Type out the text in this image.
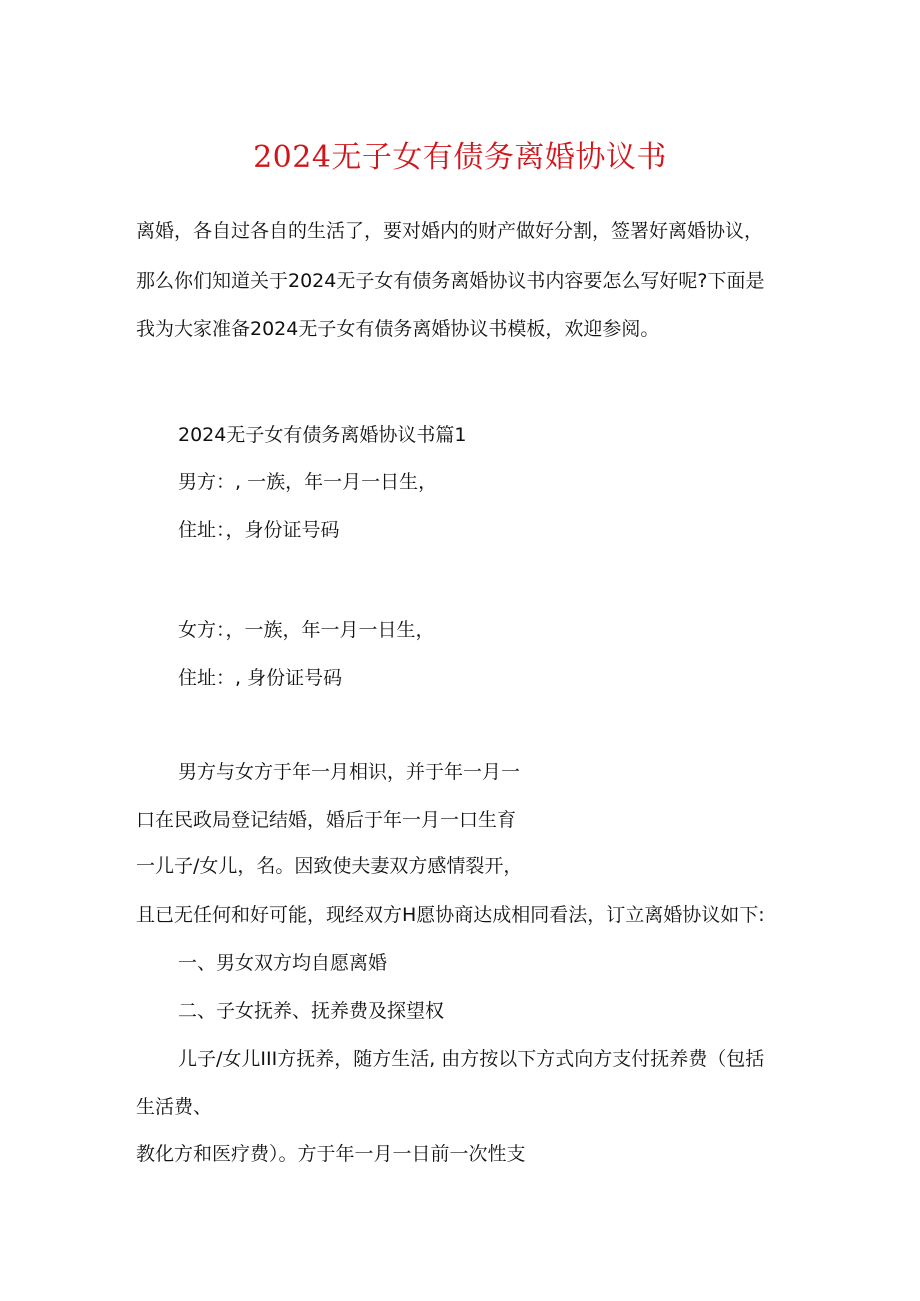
2024无子女有债务离婚协议书
离婚，各自过各自的生活了，要对婚内的财产做好分割，签署好离婚协议，
那么你们知道关于2024无子女有债务离婚协议书内容要怎么写好呢?下面是
我为大家准备2024无子女有债务离婚协议书模板，欢迎参阅。
2024无子女有债务离婚协议书篇1
男方：, 一族，年一月一日生，
住址：，身份证号码
女方：，一族，年一月一日生，
住址：, 身份证号码
男方与女方于年一月相识，并于年一月一
口在民政局登记结婚，婚后于年一月一口生育
一儿子/女儿，名。因致使夫妻双方感情裂开，
且已无任何和好可能，现经双方H愿协商达成相同看法，订立离婚协议如下:
一、男女双方均自愿离婚
二、子女抚养、抚养费及探望权
儿子/女儿III方抚养，随方生活, 由方按以下方式向方支付抚养费（包括
生活费、
教化方和医疗费）。方于年一月一日前一次性支
